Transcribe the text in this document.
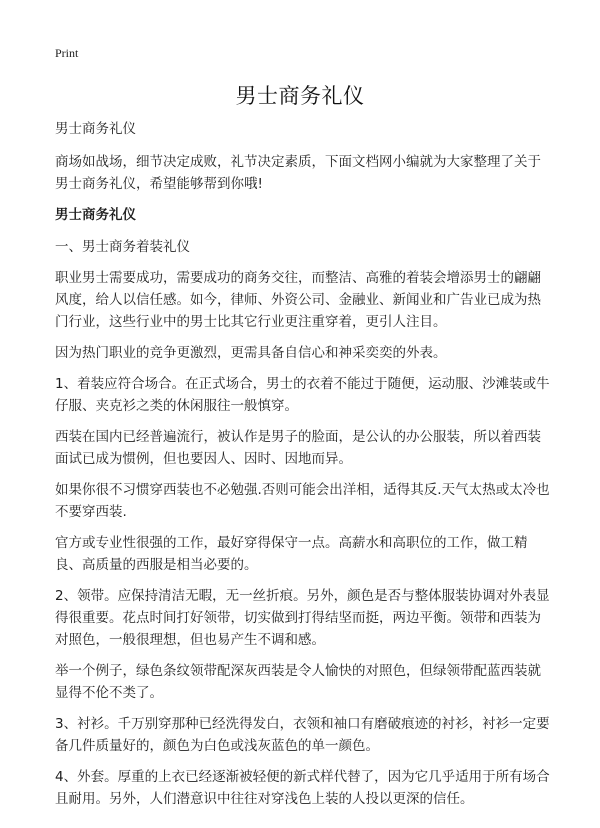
Print
男士商务礼仪

男士商务礼仪

商场如战场，细节决定成败，礼节决定素质，下面文档网小编就为大家整理了关于男士商务礼仪，希望能够帮到你哦!

男士商务礼仪

一、男士商务着装礼仪

职业男士需要成功，需要成功的商务交往，而整洁、高雅的着装会增添男士的翩翩风度，给人以信任感。如今，律师、外资公司、金融业、新闻业和广告业已成为热门行业，这些行业中的男士比其它行业更注重穿着，更引人注目。

因为热门职业的竞争更激烈，更需具备自信心和神采奕奕的外表。

1、着装应符合场合。在正式场合，男士的衣着不能过于随便，运动服、沙滩装或牛仔服、夹克衫之类的休闲服往一般慎穿。

西装在国内已经普遍流行，被认作是男子的脸面，是公认的办公服装，所以着西装面试已成为惯例，但也要因人、因时、因地而异。

如果你很不习惯穿西装也不必勉强.否则可能会出洋相，适得其反.天气太热或太冷也不要穿西装.

官方或专业性很强的工作，最好穿得保守一点。高薪水和高职位的工作，做工精良、高质量的西服是相当必要的。

2、领带。应保持清洁无暇，无一丝折痕。另外，颜色是否与整体服装协调对外表显得很重要。花点时间打好领带，切实做到打得结坚而挺，两边平衡。领带和西装为对照色，一般很理想，但也易产生不调和感。

举一个例子，绿色条纹领带配深灰西装是令人愉快的对照色，但绿领带配蓝西装就显得不伦不类了。

3、衬衫。千万别穿那种已经洗得发白，衣领和袖口有磨破痕迹的衬衫，衬衫一定要备几件质量好的，颜色为白色或浅灰蓝色的单一颜色。

4、外套。厚重的上衣已经逐渐被轻便的新式样代替了，因为它几乎适用于所有场合且耐用。另外，人们潜意识中往往对穿浅色上装的人投以更深的信任。
